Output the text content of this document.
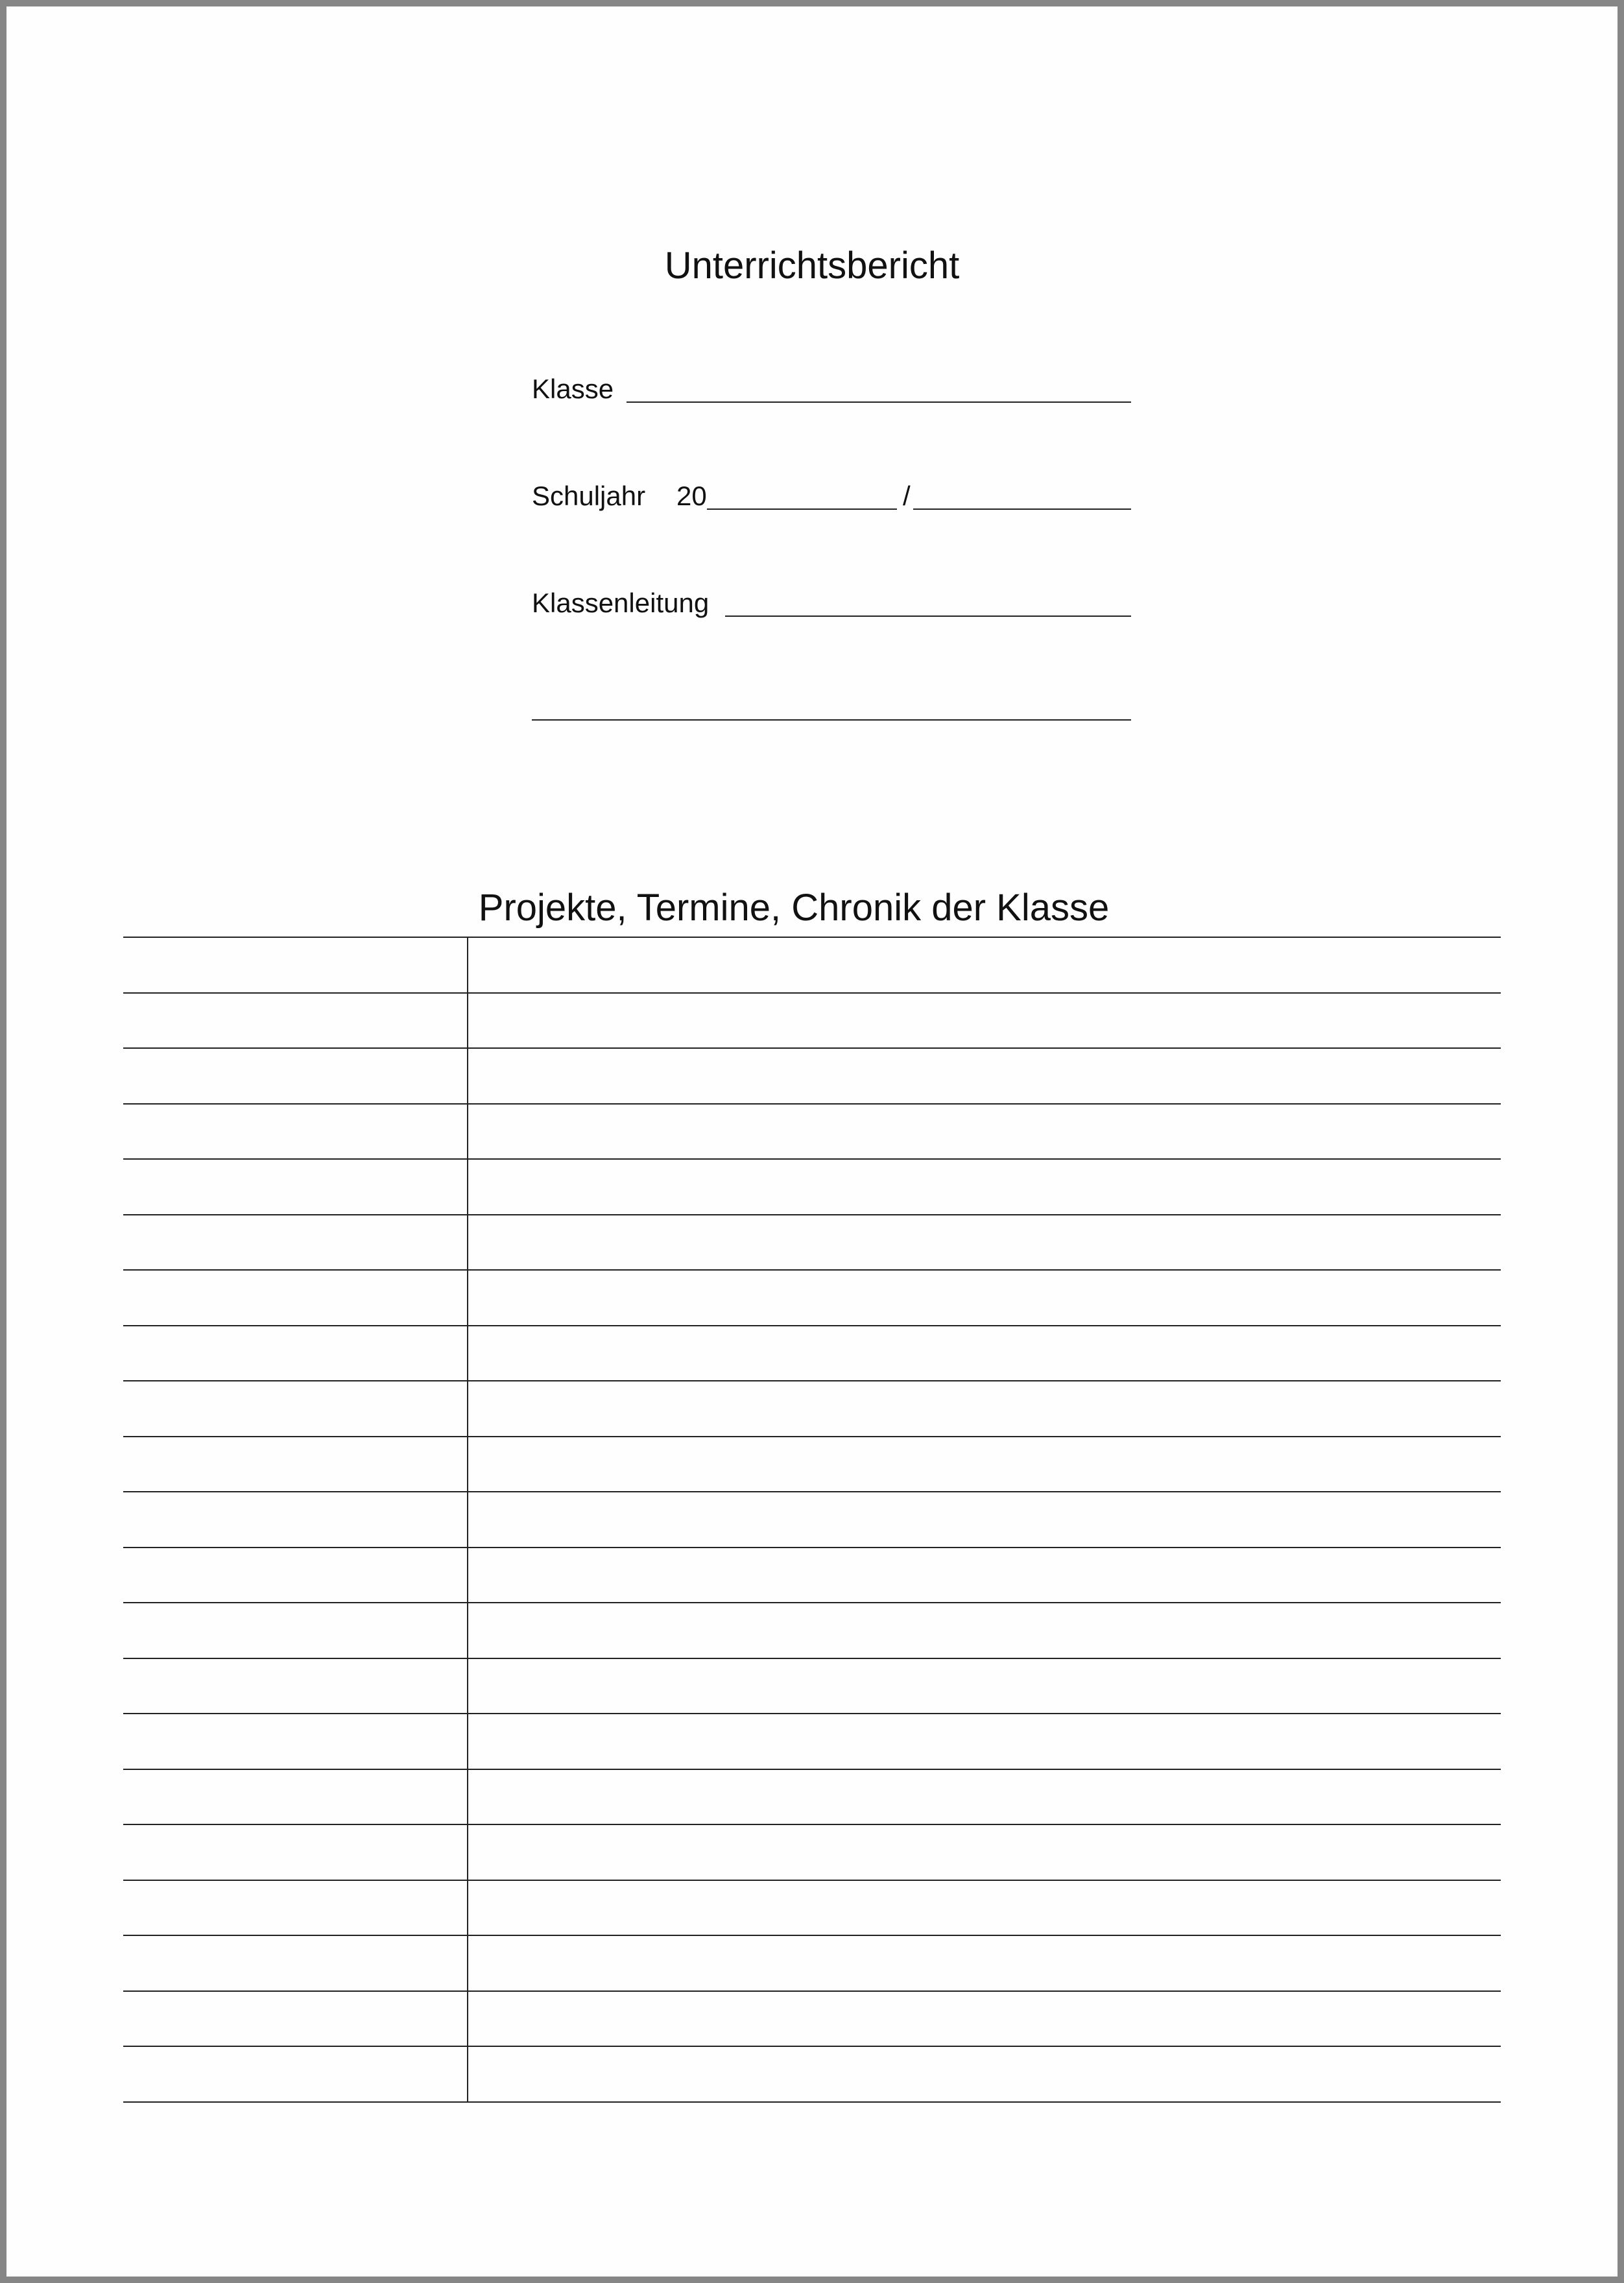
Unterrichtsbericht
Klasse
Schuljahr 20	/
Klassenleitung
Projekte, Termine, Chronik der Klasse
